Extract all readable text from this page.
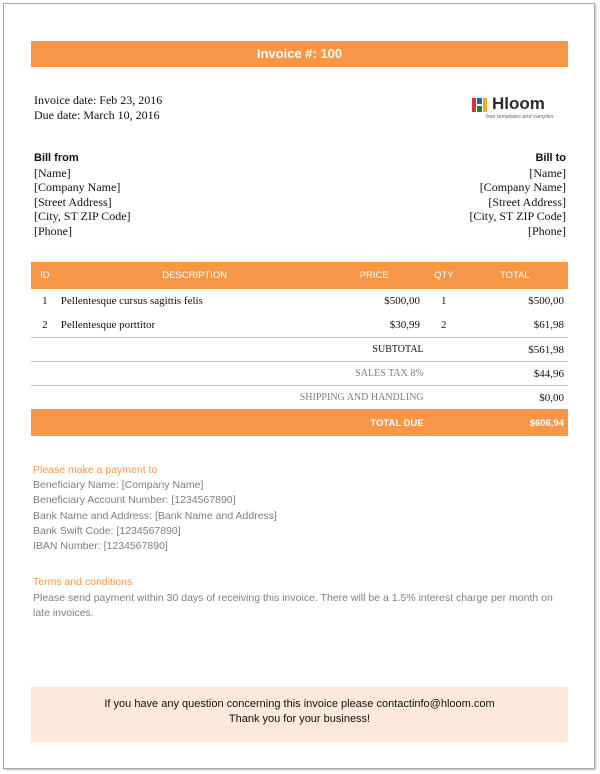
Invoice #: 100
Invoice date: Feb 23, 2016
Due date: March 10, 2016
Hloom
free templates and samples
Bill from
[Name]
[Company Name]
[Street Address]
[City, ST ZIP Code]
[Phone]
Bill to
[Name]
[Company Name]
[Street Address]
[City, ST ZIP Code]
[Phone]
ID	DESCRIPTION	PRICE	QTY	TOTAL
1	Pellentesque cursus sagittis felis	$500,00	1	$500,00
2	Pellentesque porttitor	$30,99	2	$61,98
SUBTOTAL				$561,98
SALES TAX 8%				$44,96
SHIPPING AND HANDLING				$0,00
TOTAL DUE				$606,94
Please make a payment to
Beneficiary Name: [Company Name]
Beneficiary Account Number: [1234567890]
Bank Name and Address: [Bank Name and Address]
Bank Swift Code: [1234567890]
IBAN Number: [1234567890]
Terms and conditions
Please send payment within 30 days of receiving this invoice. There will be a 1.5% interest charge per month on late invoices.
If you have any question concerning this invoice please contactinfo@hloom.com
Thank you for your business!
